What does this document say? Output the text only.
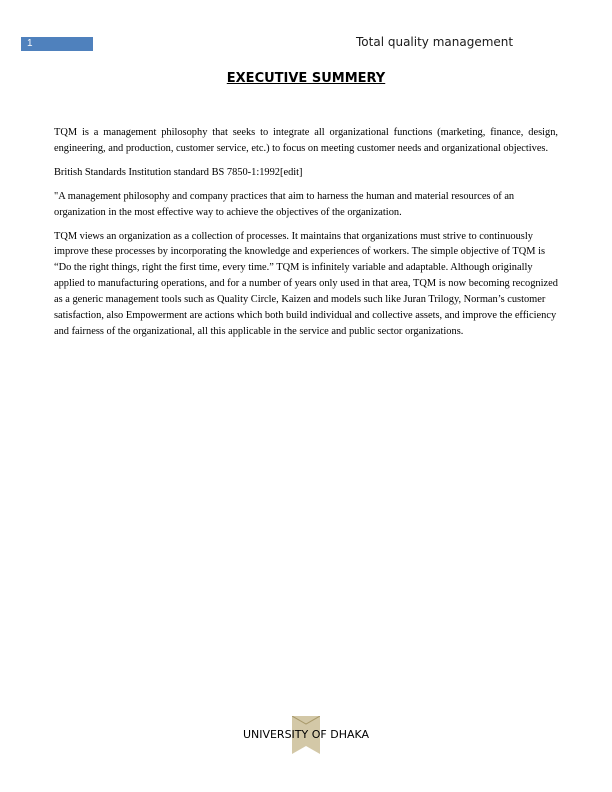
1	Total quality management
EXECUTIVE SUMMERY

TQM is a management philosophy that seeks to integrate all organizational functions (marketing, finance, design, engineering, and production, customer service, etc.) to focus on meeting customer needs and organizational objectives.

British Standards Institution standard BS 7850-1:1992[edit]

"A management philosophy and company practices that aim to harness the human and material resources of an organization in the most effective way to achieve the objectives of the organization.

TQM views an organization as a collection of processes. It maintains that organizations must strive to continuously improve these processes by incorporating the knowledge and experiences of workers. The simple objective of TQM is “Do the right things, right the first time, every time.” TQM is infinitely variable and adaptable. Although originally applied to manufacturing operations, and for a number of years only used in that area, TQM is now becoming recognized as a generic management tools such as Quality Circle, Kaizen and models such like Juran Trilogy, Norman’s customer satisfaction, also Empowerment are actions which both build individual and collective assets, and improve the efficiency and fairness of the organizational, all this applicable in the service and public sector organizations.

UNIVERSITY OF DHAKA
